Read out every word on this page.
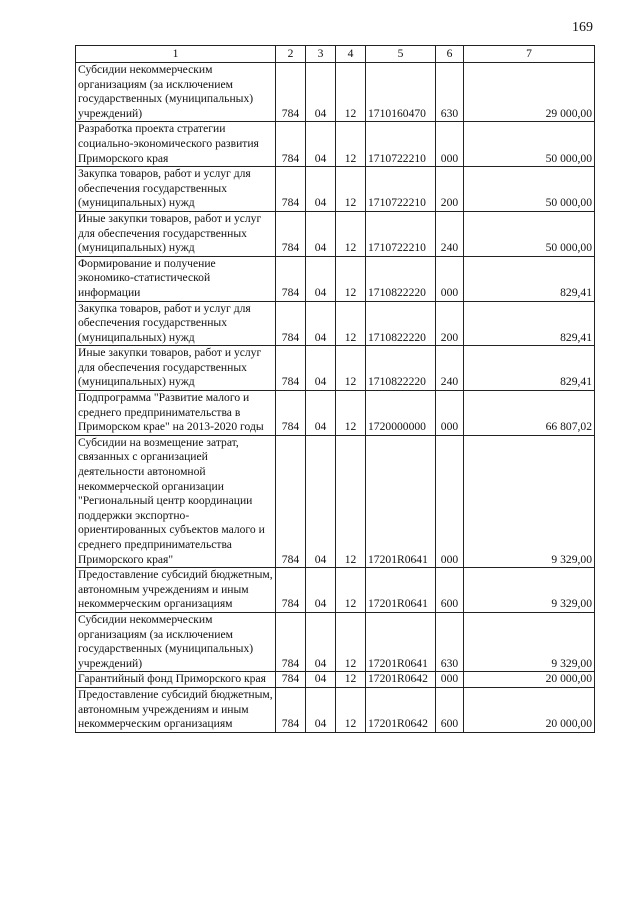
169
1	2	3	4	5	6	7
Субсидии некоммерческим организациям (за исключением государственных (муниципальных) учреждений)	784	04	12	1710160470	630	29 000,00
Разработка проекта стратегии социально-экономического развития Приморского края	784	04	12	1710722210	000	50 000,00
Закупка товаров, работ и услуг для обеспечения государственных (муниципальных) нужд	784	04	12	1710722210	200	50 000,00
Иные закупки товаров, работ и услуг для обеспечения государственных (муниципальных) нужд	784	04	12	1710722210	240	50 000,00
Формирование и получение экономико-статистической информации	784	04	12	1710822220	000	829,41
Закупка товаров, работ и услуг для обеспечения государственных (муниципальных) нужд	784	04	12	1710822220	200	829,41
Иные закупки товаров, работ и услуг для обеспечения государственных (муниципальных) нужд	784	04	12	1710822220	240	829,41
Подпрограмма "Развитие малого и среднего предпринимательства в Приморском крае" на 2013-2020 годы	784	04	12	1720000000	000	66 807,02
Субсидии на возмещение затрат, связанных с организацией деятельности автономной некоммерческой организации "Региональный центр координации поддержки экспортно-ориентированных субъектов малого и среднего предпринимательства Приморского края"	784	04	12	17201R0641	000	9 329,00
Предоставление субсидий бюджетным, автономным учреждениям и иным некоммерческим организациям	784	04	12	17201R0641	600	9 329,00
Субсидии некоммерческим организациям (за исключением государственных (муниципальных) учреждений)	784	04	12	17201R0641	630	9 329,00
Гарантийный фонд Приморского края	784	04	12	17201R0642	000	20 000,00
Предоставление субсидий бюджетным, автономным учреждениям и иным некоммерческим организациям	784	04	12	17201R0642	600	20 000,00
